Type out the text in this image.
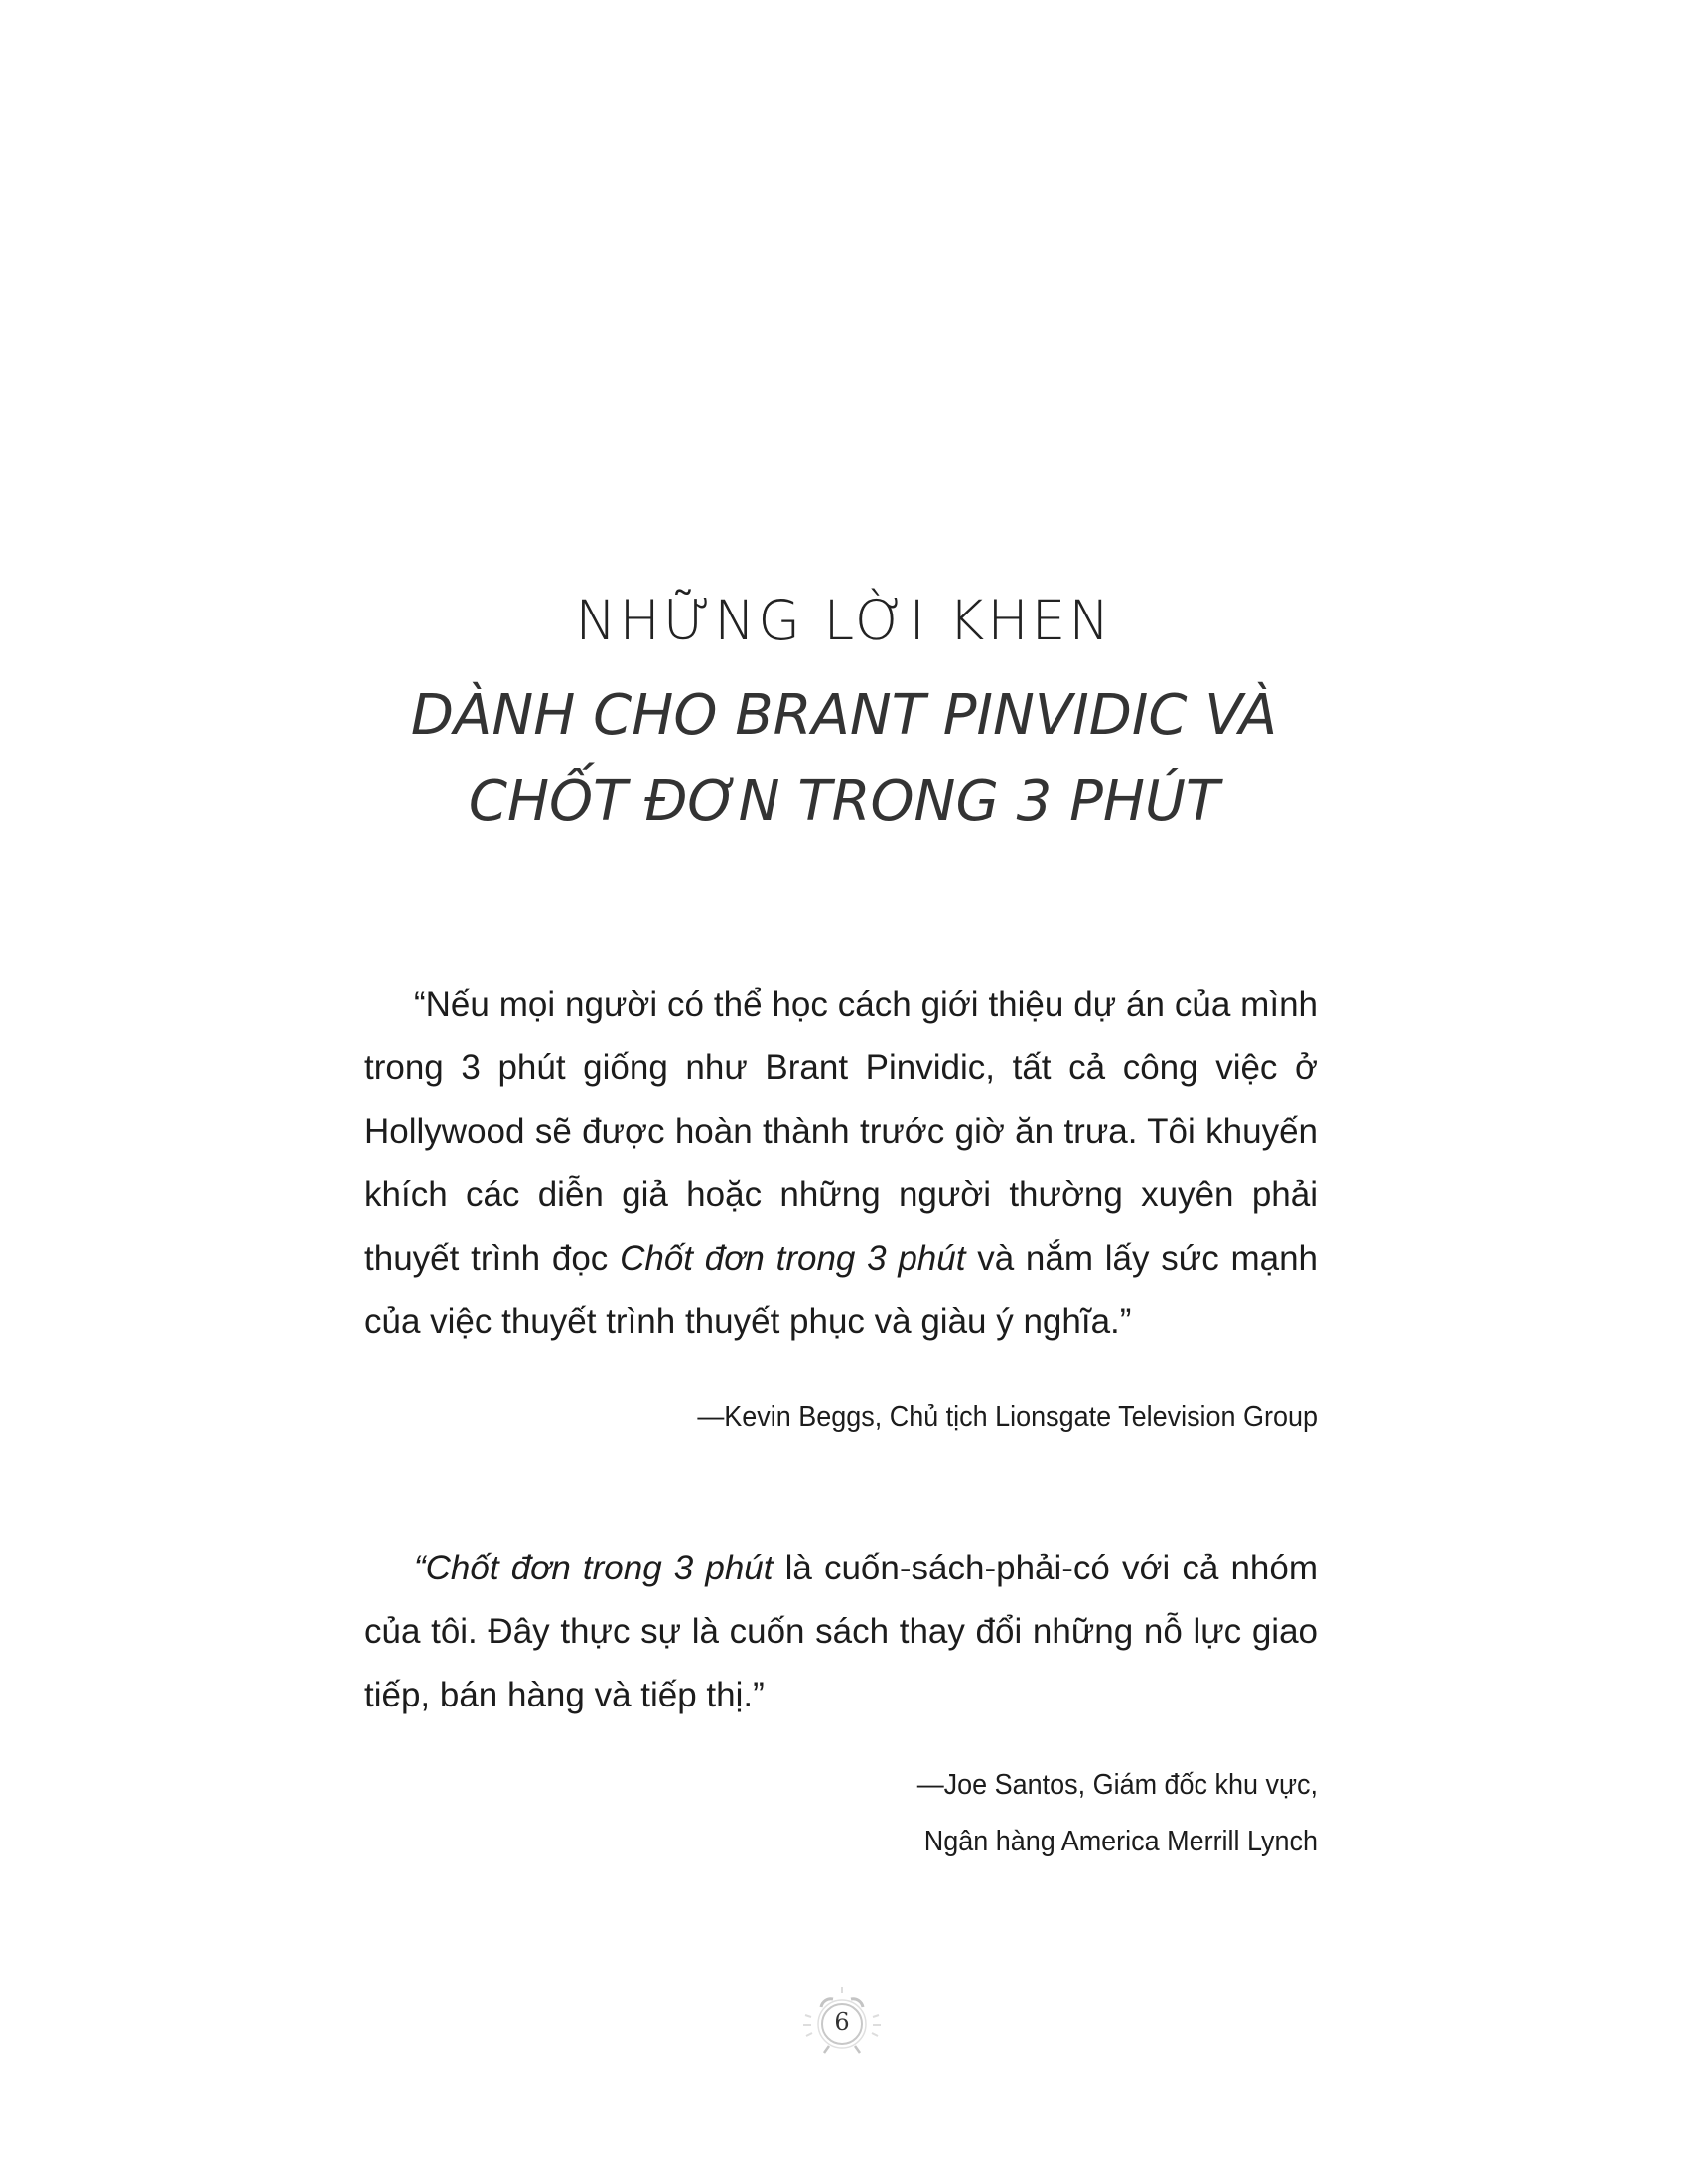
NHỮNG LỜI KHEN
DÀNH CHO BRANT PINVIDIC VÀ
CHỐT ĐƠN TRONG 3 PHÚT

“Nếu mọi người có thể học cách giới thiệu dự án của mình trong 3 phút giống như Brant Pinvidic, tất cả công việc ở Hollywood sẽ được hoàn thành trước giờ ăn trưa. Tôi khuyến khích các diễn giả hoặc những người thường xuyên phải thuyết trình đọc Chốt đơn trong 3 phút và nắm lấy sức mạnh của việc thuyết trình thuyết phục và giàu ý nghĩa.”

—Kevin Beggs, Chủ tịch Lionsgate Television Group

“Chốt đơn trong 3 phút là cuốn-sách-phải-có với cả nhóm của tôi. Đây thực sự là cuốn sách thay đổi những nỗ lực giao tiếp, bán hàng và tiếp thị.”

—Joe Santos, Giám đốc khu vực,
Ngân hàng America Merrill Lynch

6
